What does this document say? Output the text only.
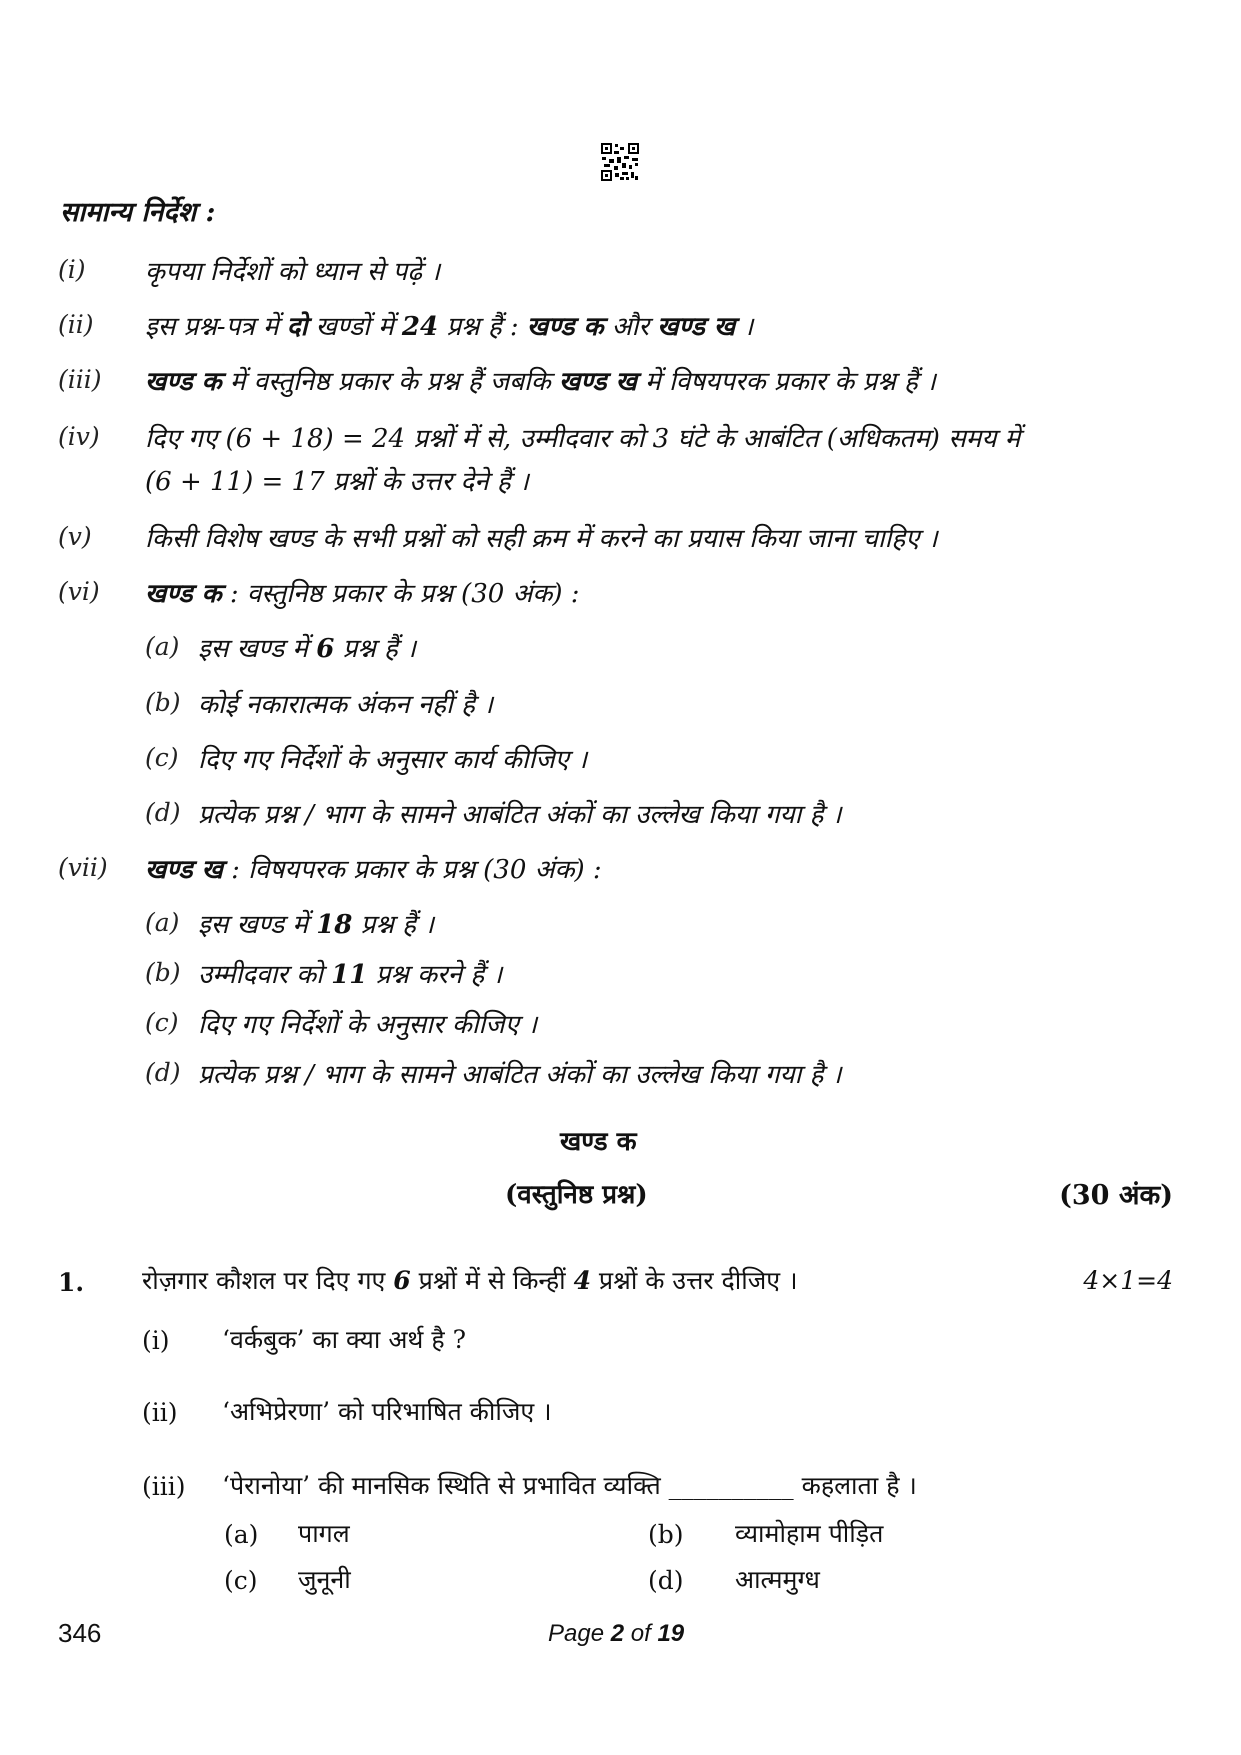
सामान्य निर्देश :
(i) कृपया निर्देशों को ध्यान से पढ़ें ।
(ii) इस प्रश्न-पत्र में दो खण्डों में 24 प्रश्न हैं : खण्ड क और खण्ड ख ।
(iii) खण्ड क में वस्तुनिष्ठ प्रकार के प्रश्न हैं जबकि खण्ड ख में विषयपरक प्रकार के प्रश्न हैं ।
(iv) दिए गए (6 + 18) = 24 प्रश्नों में से, उम्मीदवार को 3 घंटे के आबंटित (अधिकतम) समय में
(6 + 11) = 17 प्रश्नों के उत्तर देने हैं ।
(v) किसी विशेष खण्ड के सभी प्रश्नों को सही क्रम में करने का प्रयास किया जाना चाहिए ।
(vi) खण्ड क : वस्तुनिष्ठ प्रकार के प्रश्न (30 अंक) :
(a) इस खण्ड में 6 प्रश्न हैं ।
(b) कोई नकारात्मक अंकन नहीं है ।
(c) दिए गए निर्देशों के अनुसार कार्य कीजिए ।
(d) प्रत्येक प्रश्न / भाग के सामने आबंटित अंकों का उल्लेख किया गया है ।
(vii) खण्ड ख : विषयपरक प्रकार के प्रश्न (30 अंक) :
(a) इस खण्ड में 18 प्रश्न हैं ।
(b) उम्मीदवार को 11 प्रश्न करने हैं ।
(c) दिए गए निर्देशों के अनुसार कीजिए ।
(d) प्रत्येक प्रश्न / भाग के सामने आबंटित अंकों का उल्लेख किया गया है ।
खण्ड क
(वस्तुनिष्ठ प्रश्न)	(30 अंक)
1. रोज़गार कौशल पर दिए गए 6 प्रश्नों में से किन्हीं 4 प्रश्नों के उत्तर दीजिए ।	4×1=4
(i) ‘वर्कबुक’ का क्या अर्थ है ?
(ii) ‘अभिप्रेरणा’ को परिभाषित कीजिए ।
(iii) ‘पेरानोया’ की मानसिक स्थिति से प्रभावित व्यक्ति __________ कहलाता है ।
(a) पागल	(b) व्यामोहाम पीड़ित
(c) जुनूनी	(d) आत्ममुग्ध
346	Page 2 of 19
